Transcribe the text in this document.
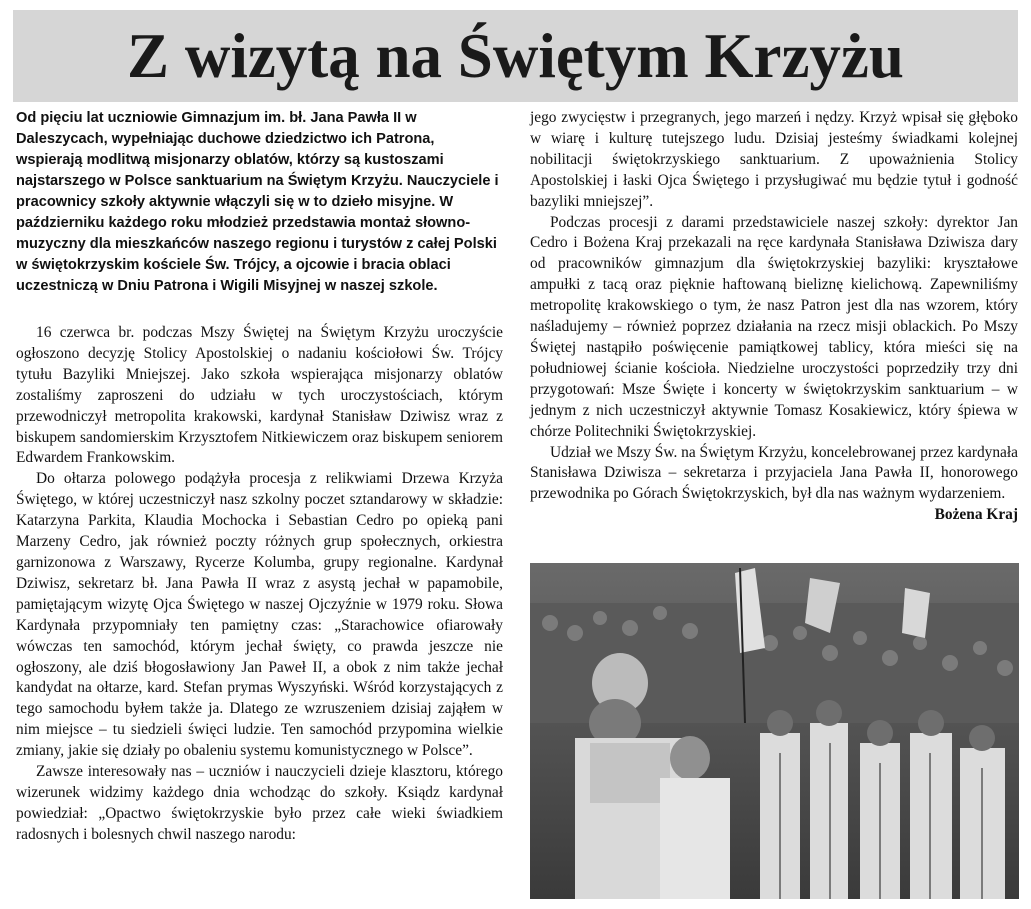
Z wizytą na Świętym Krzyżu

Od pięciu lat uczniowie Gimnazjum im. bł. Jana Pawła II w Daleszycach, wypełniając duchowe dziedzictwo ich Patrona, wspierają modlitwą misjonarzy oblatów, którzy są kustoszami najstarszego w Polsce sanktuarium na Świętym Krzyżu. Nauczyciele i pracownicy szkoły aktywnie włączyli się w to dzieło misyjne. W październiku każdego roku młodzież przedstawia montaż słowno-muzyczny dla mieszkańców naszego regionu i turystów z całej Polski w świętokrzyskim kościele Św. Trójcy, a ojcowie i bracia oblaci uczestniczą w Dniu Patrona i Wigili Misyjnej w naszej szkole.

16 czerwca br. podczas Mszy Świętej na Świętym Krzyżu uroczyście ogłoszono decyzję Stolicy Apostolskiej o nadaniu kościołowi Św. Trójcy tytułu Bazyliki Mniejszej. Jako szkoła wspierająca misjonarzy oblatów zostaliśmy zaproszeni do udziału w tych uroczystościach, którym przewodniczył metropolita krakowski, kardynał Stanisław Dziwisz wraz z biskupem sandomierskim Krzysztofem Nitkiewiczem oraz biskupem seniorem Edwardem Frankowskim.

Do ołtarza polowego podążyła procesja z relikwiami Drzewa Krzyża Świętego, w której uczestniczył nasz szkolny poczet sztandarowy w składzie: Katarzyna Parkita, Klaudia Mochocka i Sebastian Cedro po opieką pani Marzeny Cedro, jak również poczty różnych grup społecznych, orkiestra garnizonowa z Warszawy, Rycerze Kolumba, grupy regionalne. Kardynał Dziwisz, sekretarz bł. Jana Pawła II wraz z asystą jechał w papamobile, pamiętającym wizytę Ojca Świętego w naszej Ojczyźnie w 1979 roku. Słowa Kardynała przypomniały ten pamiętny czas: „Starachowice ofiarowały wówczas ten samochód, którym jechał święty, co prawda jeszcze nie ogłoszony, ale dziś błogosławiony Jan Paweł II, a obok z nim także jechał kandydat na ołtarze, kard. Stefan prymas Wyszyński. Wśród korzystających z tego samochodu byłem także ja. Dlatego ze wzruszeniem dzisiaj zająłem w nim miejsce – tu siedzieli święci ludzie. Ten samochód przypomina wielkie zmiany, jakie się działy po obaleniu systemu komunistycznego w Polsce”.

Zawsze interesowały nas – uczniów i nauczycieli dzieje klasztoru, którego wizerunek widzimy każdego dnia wchodząc do szkoły. Ksiądz kardynał powiedział: „Opactwo świętokrzyskie było przez całe wieki świadkiem radosnych i bolesnych chwil naszego narodu:

jego zwycięstw i przegranych, jego marzeń i nędzy. Krzyż wpisał się głęboko w wiarę i kulturę tutejszego ludu. Dzisiaj jesteśmy świadkami kolejnej nobilitacji świętokrzyskiego sanktuarium. Z upoważnienia Stolicy Apostolskiej i łaski Ojca Świętego i przysługiwać mu będzie tytuł i godność bazyliki mniejszej”.

Podczas procesji z darami przedstawiciele naszej szkoły: dyrektor Jan Cedro i Bożena Kraj przekazali na ręce kardynała Stanisława Dziwisza dary od pracowników gimnazjum dla świętokrzyskiej bazyliki: kryształowe ampułki z tacą oraz pięknie haftowaną bieliznę kielichową. Zapewniliśmy metropolitę krakowskiego o tym, że nasz Patron jest dla nas wzorem, który naśladujemy – również poprzez działania na rzecz misji oblackich. Po Mszy Świętej nastąpiło poświęcenie pamiątkowej tablicy, która mieści się na południowej ścianie kościoła. Niedzielne uroczystości poprzedziły trzy dni przygotowań: Msze Święte i koncerty w świętokrzyskim sanktuarium – w jednym z nich uczestniczył aktywnie Tomasz Kosakiewicz, który śpiewa w chórze Politechniki Świętokrzyskiej.

Udział we Mszy Św. na Świętym Krzyżu, koncelebrowanej przez kardynała Stanisława Dziwisza – sekretarza i przyjaciela Jana Pawła II, honorowego przewodnika po Górach Świętokrzyskich, był dla nas ważnym wydarzeniem.
Bożena Kraj
